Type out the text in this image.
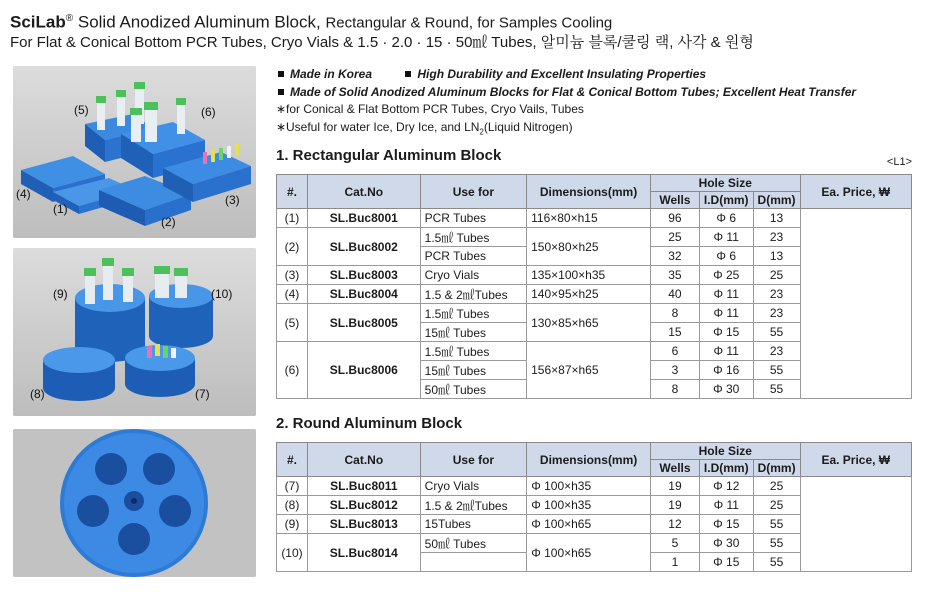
SciLab® Solid Anodized Aluminum Block, Rectangular & Round, for Samples Cooling
For Flat & Conical Bottom PCR Tubes, Cryo Vials & 1.5 · 2.0 · 15 · 50㎖ Tubes, 알미늄 블록/쿨링 랙, 사각 & 원형
(5)	(6)
(4)
(1)
(2)
(3)
(9)	(10)
(8)	(7)
Made in Korea	High Durability and Excellent Insulating Properties
Made of Solid Anodized Aluminum Blocks for Flat & Conical Bottom Tubes; Excellent Heat Transfer
∗for Conical & Flat Bottom PCR Tubes, Cryo Vails, Tubes
∗Useful for water Ice, Dry Ice, and $LN_2(Liquid$ Nitrogen)
1. Rectangular Aluminum Block	<L1>
#.	Cat.No	Use for	Dimensions(mm)	Hole Size			Ea. Price, ₩
				Wells	I.D(mm)	D(mm)	
(1)	SL.Buc8001	PCR Tubes	116×80×h15	96	Φ 6	13	
(2)	SL.Buc8002	1.5㎖ Tubes	150×80×h25	25	Φ 11	23	
		PCR Tubes		32	Φ 6	13	
(3)	SL.Buc8003	Cryo Vials	135×100×h35	35	Φ 25	25	
(4)	SL.Buc8004	1.5 & 2㎖Tubes	140×95×h25	40	Φ 11	23	
(5)	SL.Buc8005	1.5㎖ Tubes	130×85×h65	8	Φ 11	23	
		15㎖ Tubes		15	Φ 15	55	
(6)	SL.Buc8006	1.5㎖ Tubes	156×87×h65	6	Φ 11	23	
		15㎖ Tubes		3	Φ 16	55	
		50㎖ Tubes		8	Φ 30	55	
2. Round Aluminum Block
#.	Cat.No	Use for	Dimensions(mm)	Hole Size			Ea. Price, ₩
				Wells	I.D(mm)	D(mm)	
(7)	SL.Buc8011	Cryo Vials	Φ 100×h35	19	Φ 12	25	
(8)	SL.Buc8012	1.5 & 2㎖Tubes	Φ 100×h35	19	Φ 11	25	
(9)	SL.Buc8013	15Tubes	Φ 100×h65	12	Φ 15	55	
(10)	SL.Buc8014	50㎖ Tubes	Φ 100×h65	5	Φ 30	55	
				1	Φ 15	55	
